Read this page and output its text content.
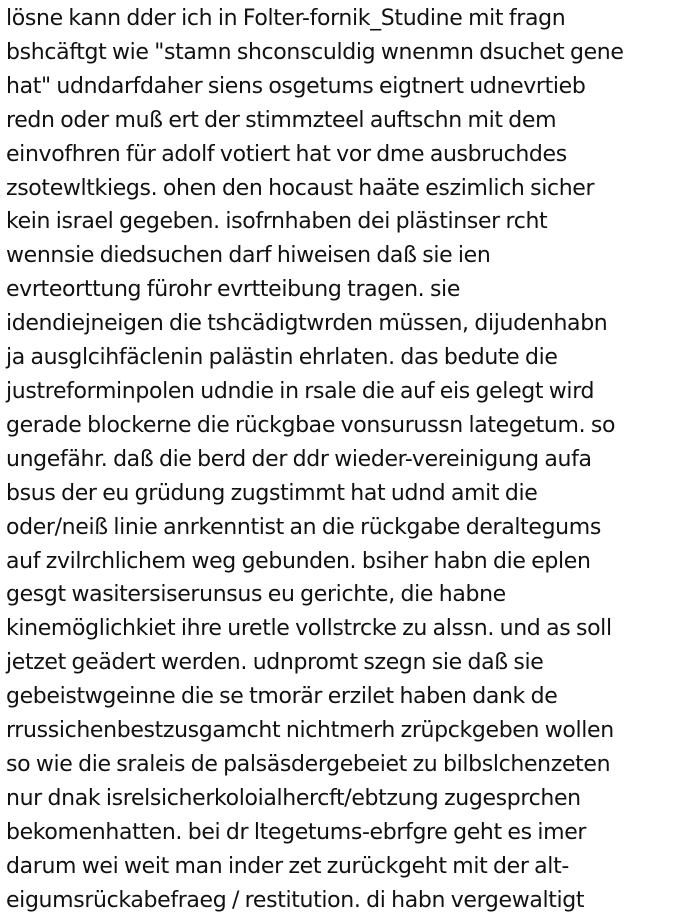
lösne kann dder ich in Folter-fornik_Studine mit fragn
bshcäftgt wie "stamn shconsculdig wnenmn dsuchet gene
hat" udndarfdaher siens osgetums eigtnert udnevrtieb
redn oder muß ert der stimmzteel auftschn mit dem
einvofhren für adolf votiert hat vor dme ausbruchdes
zsotewltkiegs. ohen den hocaust haäte eszimlich sicher
kein israel gegeben. isofrnhaben dei plästinser rcht
wennsie diedsuchen darf hiweisen daß sie ien
evrteorttung fürohr evrtteibung tragen. sie
idendiejneigen die tshcädigtwrden müssen, dijudenhabn
ja ausglcihfäclenin palästin ehrlaten. das bedute die
justreforminpolen udndie in rsale die auf eis gelegt wird
gerade blockerne die rückgbae vonsurussn lategetum. so
ungefähr. daß die berd der ddr wieder-vereinigung aufa
bsus der eu grüdung zugstimmt hat udnd amit die
oder/neiß linie anrkenntist an die rückgabe deraltegums
auf zvilrchlichem weg gebunden. bsiher habn die eplen
gesgt wasitersiserunsus eu gerichte, die habne
kinemöglichkiet ihre uretle vollstrcke zu alssn. und as soll
jetzet geädert werden. udnpromt szegn sie daß sie
gebeistwgeinne die se tmorär erzilet haben dank de
rrussichenbestzusgamcht nichtmerh zrüpckgeben wollen
so wie die sraleis de palsäsdergebeiet zu bilbslchenzeten
nur dnak isrelsicherkoloialhercft/ebtzung zugesprchen
bekomenhatten. bei dr ltegetums-ebrfgre geht es imer
darum wei weit man inder zet zurückgeht mit der alt-
eigumsrückabefraeg / restitution. di habn vergewaltigt
